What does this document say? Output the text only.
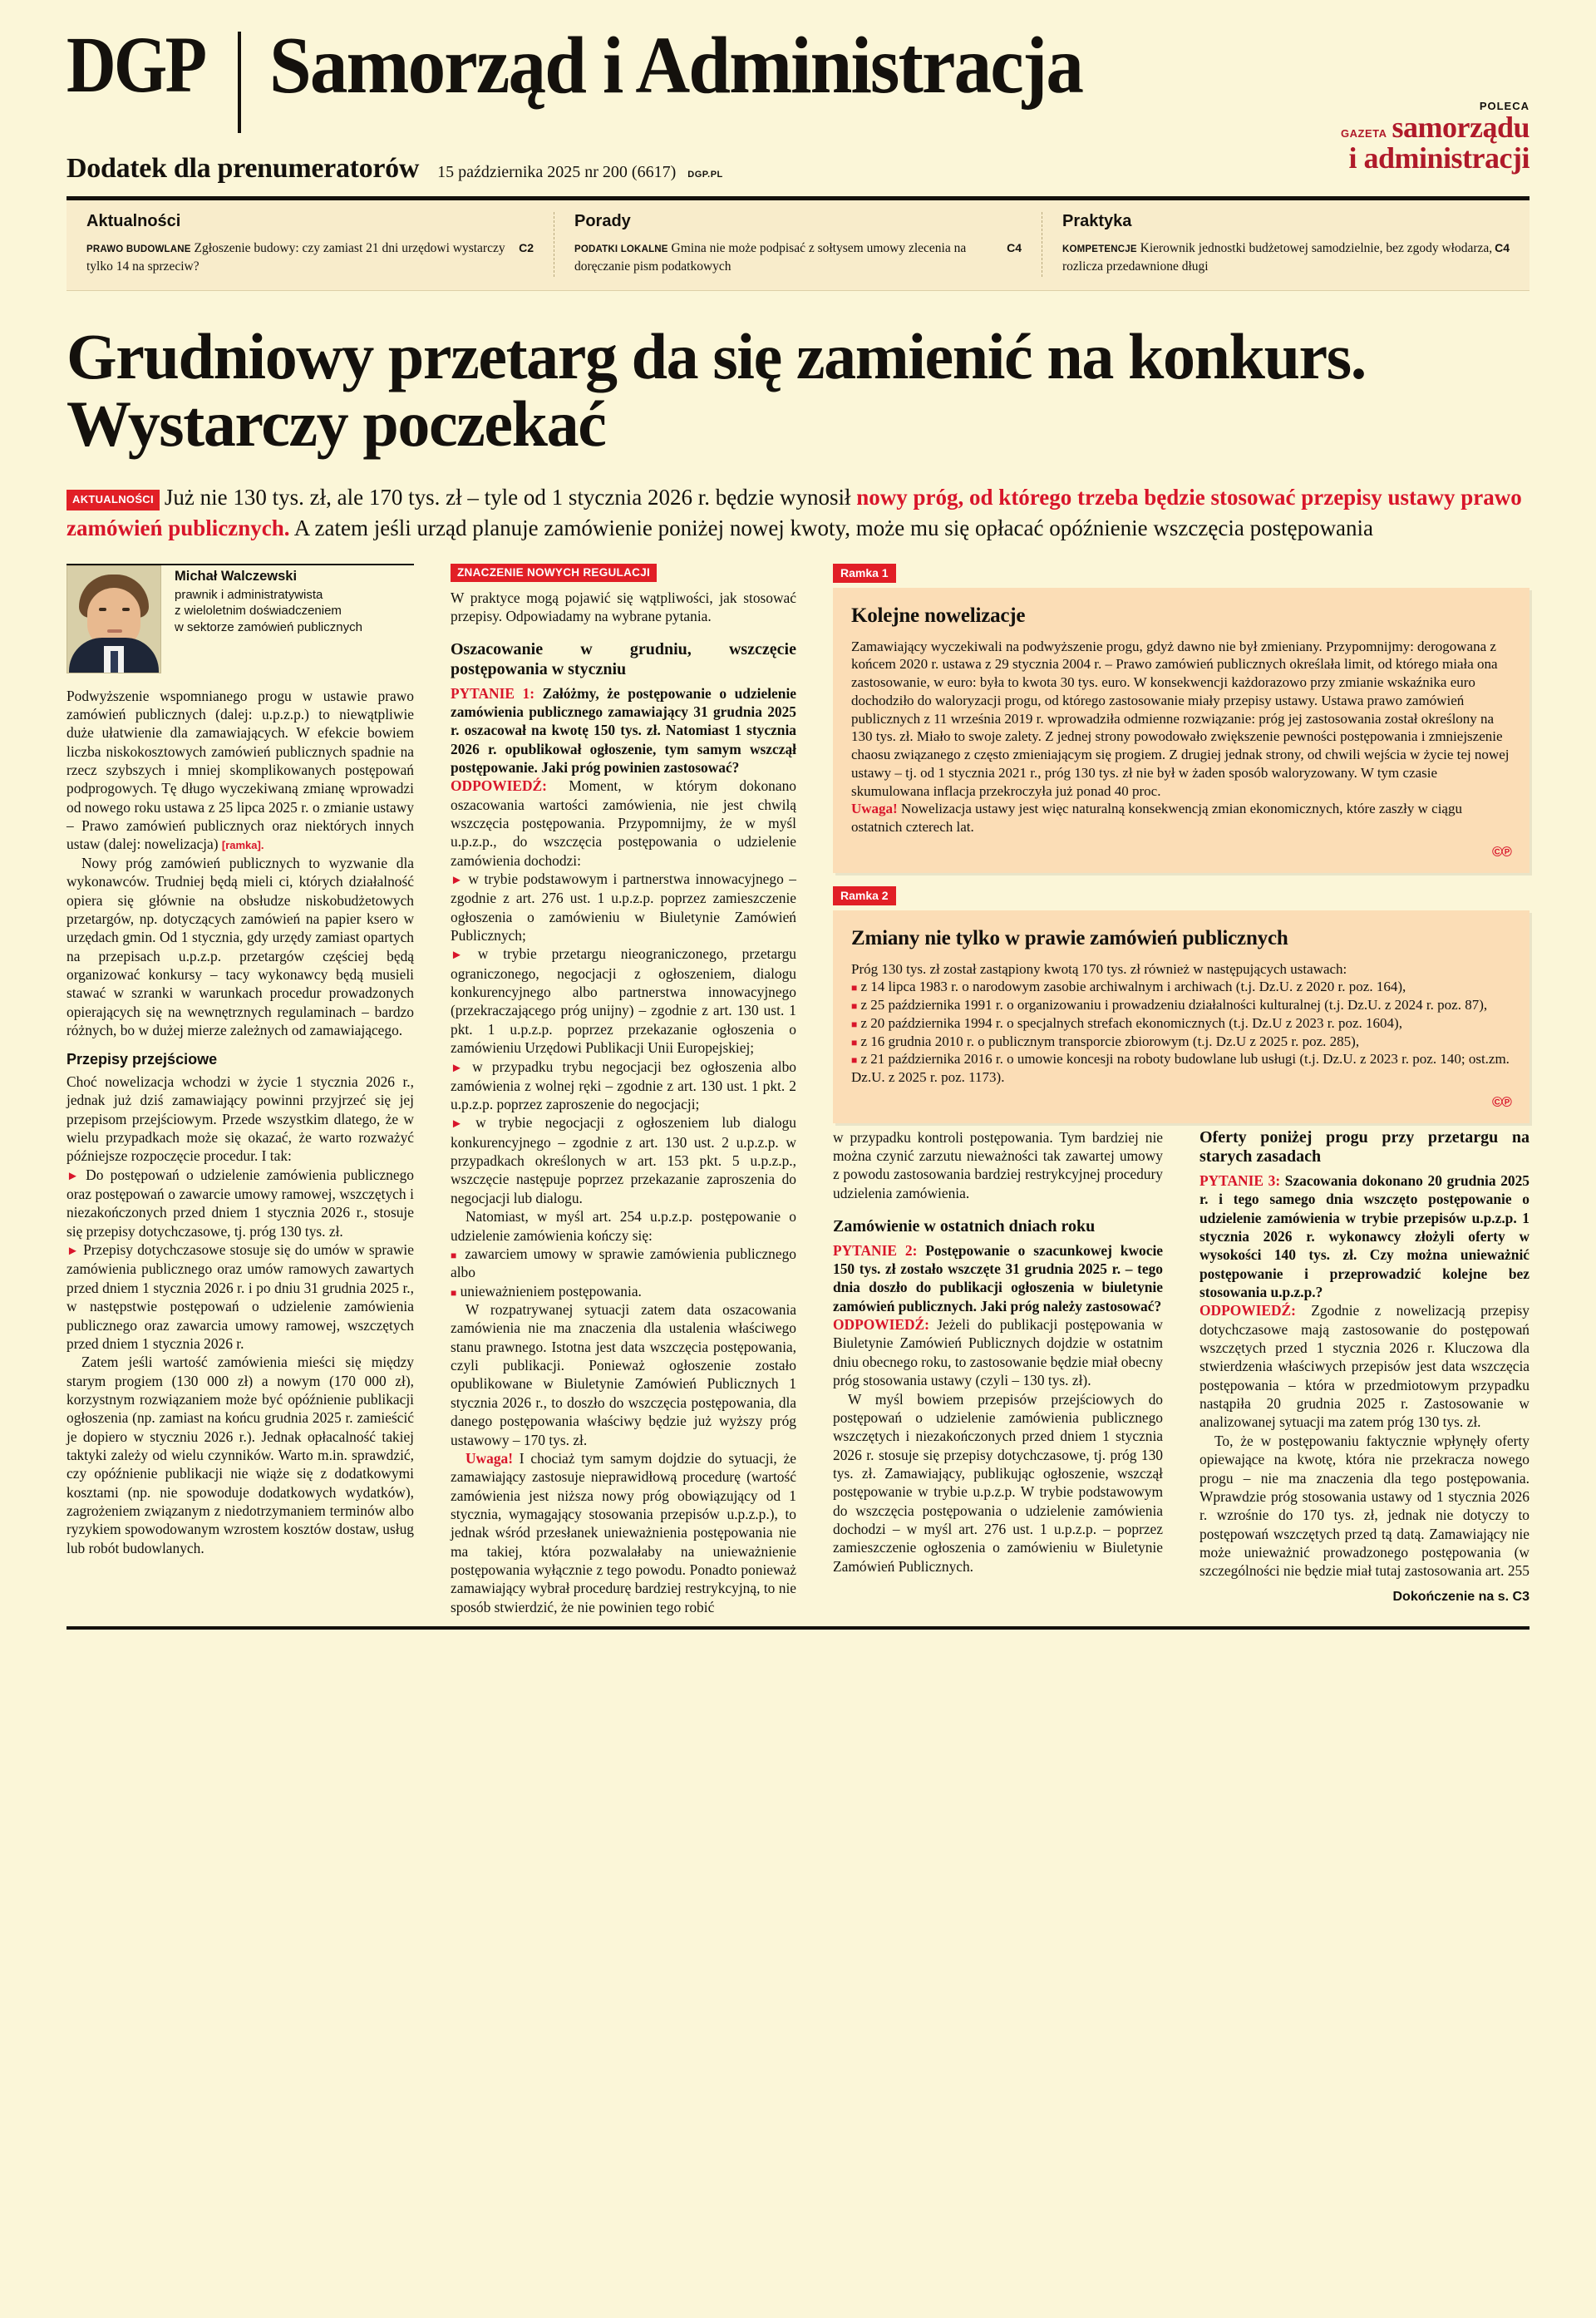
DGP Samorząd i Administracja	POLECA
GAZETA samorządu
i administracji
Dodatek dla prenumeratorów 15 października 2025 nr 200 (6617) DGP.PL
Aktualności
C2
PRAWO BUDOWLANE Zgłoszenie budowy: czy zamiast 21 dni urzędowi wystarczy tylko 14 na sprzeciw?
Porady
C4
PODATKI LOKALNE Gmina nie może podpisać z sołtysem umowy zlecenia na doręczanie pism podatkowych
Praktyka
C4
KOMPETENCJE Kierownik jednostki budżetowej samodzielnie, bez zgody włodarza, rozlicza przedawnione długi
Grudniowy przetarg da się zamienić na konkurs. Wystarczy poczekać
AKTUALNOŚCI Już nie 130 tys. zł, ale 170 tys. zł – tyle od 1 stycznia 2026 r. będzie wynosił nowy próg, od którego trzeba będzie stosować przepisy ustawy prawo zamówień publicznych. A zatem jeśli urząd planuje zamówienie poniżej nowej kwoty, może mu się opłacać opóźnienie wszczęcia postępowania
Michał Walczewski
prawnik i administratywista
z wieloletnim doświadczeniem
w sektorze zamówień publicznych

Podwyższenie wspomnianego progu w ustawie prawo zamówień publicznych (dalej: u.p.z.p.) to niewątpliwie duże ułatwienie dla zamawiających. W efekcie bowiem liczba niskokosztowych zamówień publicznych spadnie na rzecz szybszych i mniej skomplikowanych postępowań podprogowych. Tę długo wyczekiwaną zmianę wprowadzi od nowego roku ustawa z 25 lipca 2025 r. o zmianie ustawy – Prawo zamówień publicznych oraz niektórych innych ustaw (dalej: nowelizacja) [ramka].

Nowy próg zamówień publicznych to wyzwanie dla wykonawców. Trudniej będą mieli ci, których działalność opiera się głównie na obsłudze niskobudżetowych przetargów, np. dotyczących zamówień na papier ksero w urzędach gmin. Od 1 stycznia, gdy urzędy zamiast opartych na przepisach u.p.z.p. przetargów częściej będą organizować konkursy – tacy wykonawcy będą musieli stawać w szranki w warunkach procedur prowadzonych opierających się na wewnętrznych regulaminach – bardzo różnych, bo w dużej mierze zależnych od zamawiającego.

Przepisy przejściowe

Choć nowelizacja wchodzi w życie 1 stycznia 2026 r., jednak już dziś zamawiający powinni przyjrzeć się jej przepisom przejściowym. Przede wszystkim dlatego, że w wielu przypadkach może się okazać, że warto rozważyć późniejsze rozpoczęcie procedur. I tak:

► Do postępowań o udzielenie zamówienia publicznego oraz postępowań o zawarcie umowy ramowej, wszczętych i niezakończonych przed dniem 1 stycznia 2026 r., stosuje się przepisy dotychczasowe, tj. próg 130 tys. zł.

► Przepisy dotychczasowe stosuje się do umów w sprawie zamówienia publicznego oraz umów ramowych zawartych przed dniem 1 stycznia 2026 r. i po dniu 31 grudnia 2025 r., w następstwie postępowań o udzielenie zamówienia publicznego oraz zawarcia umowy ramowej, wszczętych przed dniem 1 stycznia 2026 r.

Zatem jeśli wartość zamówienia mieści się między starym progiem (130 000 zł) a nowym (170 000 zł), korzystnym rozwiązaniem może być opóźnienie publikacji ogłoszenia (np. zamiast na końcu grudnia 2025 r. zamieścić je dopiero w styczniu 2026 r.). Jednak opłacalność takiej taktyki zależy od wielu czynników. Warto m.in. sprawdzić, czy opóźnienie publikacji nie wiąże się z dodatkowymi kosztami (np. nie spowoduje dodatkowych wydatków), zagrożeniem związanym z niedotrzymaniem terminów albo ryzykiem spowodowanym wzrostem kosztów dostaw, usług lub robót budowlanych.

ZNACZENIE NOWYCH REGULACJI

W praktyce mogą pojawić się wątpliwości, jak stosować przepisy. Odpowiadamy na wybrane pytania.

Oszacowanie w grudniu, wszczęcie postępowania w styczniu

PYTANIE 1: Załóżmy, że postępowanie o udzielenie zamówienia publicznego zamawiający 31 grudnia 2025 r. oszacował na kwotę 150 tys. zł. Natomiast 1 stycznia 2026 r. opublikował ogłoszenie, tym samym wszczął postępowanie. Jaki próg powinien zastosować?

ODPOWIEDŹ: Moment, w którym dokonano oszacowania wartości zamówienia, nie jest chwilą wszczęcia postępowania. Przypomnijmy, że w myśl u.p.z.p., do wszczęcia postępowania o udzielenie zamówienia dochodzi:

► w trybie podstawowym i partnerstwa innowacyjnego – zgodnie z art. 276 ust. 1 u.p.z.p. poprzez zamieszczenie ogłoszenia o zamówieniu w Biuletynie Zamówień Publicznych;

► w trybie przetargu nieograniczonego, przetargu ograniczonego, negocjacji z ogłoszeniem, dialogu konkurencyjnego albo partnerstwa innowacyjnego (przekraczającego próg unijny) – zgodnie z art. 130 ust. 1 pkt. 1 u.p.z.p. poprzez przekazanie ogłoszenia o zamówieniu Urzędowi Publikacji Unii Europejskiej;

► w przypadku trybu negocjacji bez ogłoszenia albo zamówienia z wolnej ręki – zgodnie z art. 130 ust. 1 pkt. 2 u.p.z.p. poprzez zaproszenie do negocjacji;

► w trybie negocjacji z ogłoszeniem lub dialogu konkurencyjnego – zgodnie z art. 130 ust. 2 u.p.z.p. w przypadkach określonych w art. 153 pkt. 5 u.p.z.p., wszczęcie następuje poprzez przekazanie zaproszenia do negocjacji lub dialogu.

Natomiast, w myśl art. 254 u.p.z.p. postępowanie o udzielenie zamówienia kończy się:

■ zawarciem umowy w sprawie zamówienia publicznego albo

■ unieważnieniem postępowania.

W rozpatrywanej sytuacji zatem data oszacowania zamówienia nie ma znaczenia dla ustalenia właściwego stanu prawnego. Istotna jest data wszczęcia postępowania, czyli publikacji. Ponieważ ogłoszenie zostało opublikowane w Biuletynie Zamówień Publicznych 1 stycznia 2026 r., to doszło do wszczęcia postępowania, dla danego postępowania właściwy będzie już wyższy próg ustawowy – 170 tys. zł.

Uwaga! I chociaż tym samym dojdzie do sytuacji, że zamawiający zastosuje nieprawidłową procedurę (wartość zamówienia jest niższa nowy próg obowiązujący od 1 stycznia, wymagający stosowania przepisów u.p.z.p.), to jednak wśród przesłanek unieważnienia postępowania nie ma takiej, która pozwalałaby na unieważnienie postępowania wyłącznie z tego powodu. Ponadto ponieważ zamawiający wybrał procedurę bardziej restrykcyjną, to nie sposób stwierdzić, że nie powinien tego robić

Ramka 1
Kolejne nowelizacje

Zamawiający wyczekiwali na podwyższenie progu, gdyż dawno nie był zmieniany. Przypomnijmy: derogowana z końcem 2020 r. ustawa z 29 stycznia 2004 r. – Prawo zamówień publicznych określała limit, od którego miała ona zastosowanie, w euro: była to kwota 30 tys. euro. W konsekwencji każdorazowo przy zmianie wskaźnika euro dochodziło do waloryzacji progu, od którego zastosowanie miały przepisy ustawy. Ustawa prawo zamówień publicznych z 11 września 2019 r. wprowadziła odmienne rozwiązanie: próg jej zastosowania został określony na 130 tys. zł. Miało to swoje zalety. Z jednej strony powodowało zwiększenie pewności postępowania i zmniejszenie chaosu związanego z często zmieniającym się progiem. Z drugiej jednak strony, od chwili wejścia w życie tej nowej ustawy – tj. od 1 stycznia 2021 r., próg 130 tys. zł nie był w żaden sposób waloryzowany. W tym czasie skumulowana inflacja przekroczyła już ponad 40 proc.

Uwaga! Nowelizacja ustawy jest więc naturalną konsekwencją zmian ekonomicznych, które zaszły w ciągu ostatnich czterech lat.

©℗
Ramka 2
Zmiany nie tylko w prawie zamówień publicznych

Próg 130 tys. zł został zastąpiony kwotą 170 tys. zł również w następujących ustawach:

■ z 14 lipca 1983 r. o narodowym zasobie archiwalnym i archiwach (t.j. Dz.U. z 2020 r. poz. 164),

■ z 25 października 1991 r. o organizowaniu i prowadzeniu działalności kulturalnej (t.j. Dz.U. z 2024 r. poz. 87),

■ z 20 października 1994 r. o specjalnych strefach ekonomicznych (t.j. Dz.U z 2023 r. poz. 1604),

■ z 16 grudnia 2010 r. o publicznym transporcie zbiorowym (t.j. Dz.U z 2025 r. poz. 285),

■ z 21 października 2016 r. o umowie koncesji na roboty budowlane lub usługi (t.j. Dz.U. z 2023 r. poz. 140; ost.zm. Dz.U. z 2025 r. poz. 1173).

©℗

w przypadku kontroli postępowania. Tym bardziej nie można czynić zarzutu nieważności tak zawartej umowy z powodu zastosowania bardziej restrykcyjnej procedury udzielenia zamówienia.

Zamówienie w ostatnich dniach roku

PYTANIE 2: Postępowanie o szacunkowej kwocie 150 tys. zł zostało wszczęte 31 grudnia 2025 r. – tego dnia doszło do publikacji ogłoszenia w biuletynie zamówień publicznych. Jaki próg należy zastosować?

ODPOWIEDŹ: Jeżeli do publikacji postępowania w Biuletynie Zamówień Publicznych dojdzie w ostatnim dniu obecnego roku, to zastosowanie będzie miał obecny próg stosowania ustawy (czyli – 130 tys. zł).

W myśl bowiem przepisów przejściowych do postępowań o udzielenie zamówienia publicznego wszczętych i niezakończonych przed dniem 1 stycznia 2026 r. stosuje się przepisy dotychczasowe, tj. próg 130 tys. zł. Zamawiający, publikując ogłoszenie, wszczął postępowanie w trybie u.p.z.p. W trybie podstawowym do wszczęcia postępowania o udzielenie zamówienia dochodzi – w myśl art. 276 ust. 1 u.p.z.p. – poprzez zamieszczenie ogłoszenia o zamówieniu w Biuletynie Zamówień Publicznych.

Oferty poniżej progu przy przetargu na starych zasadach

PYTANIE 3: Szacowania dokonano 20 grudnia 2025 r. i tego samego dnia wszczęto postępowanie o udzielenie zamówienia w trybie przepisów u.p.z.p. 1 stycznia 2026 r. wykonawcy złożyli oferty w wysokości 140 tys. zł. Czy można unieważnić postępowanie i przeprowadzić kolejne bez stosowania u.p.z.p.?

ODPOWIEDŹ: Zgodnie z nowelizacją przepisy dotychczasowe mają zastosowanie do postępowań wszczętych przed 1 stycznia 2026 r. Kluczowa dla stwierdzenia właściwych przepisów jest data wszczęcia postępowania – która w przedmiotowym przypadku nastąpiła 20 grudnia 2025 r. Zastosowanie w analizowanej sytuacji ma zatem próg 130 tys. zł.

To, że w postępowaniu faktycznie wpłynęły oferty opiewające na kwotę, która nie przekracza nowego progu – nie ma znaczenia dla tego postępowania. Wprawdzie próg stosowania ustawy od 1 stycznia 2026 r. wzrośnie do 170 tys. zł, jednak nie dotyczy to postępowań wszczętych przed tą datą. Zamawiający nie może unieważnić prowadzonego postępowania (w szczególności nie będzie miał tutaj zastosowania art. 255

Dokończenie na s. C3
